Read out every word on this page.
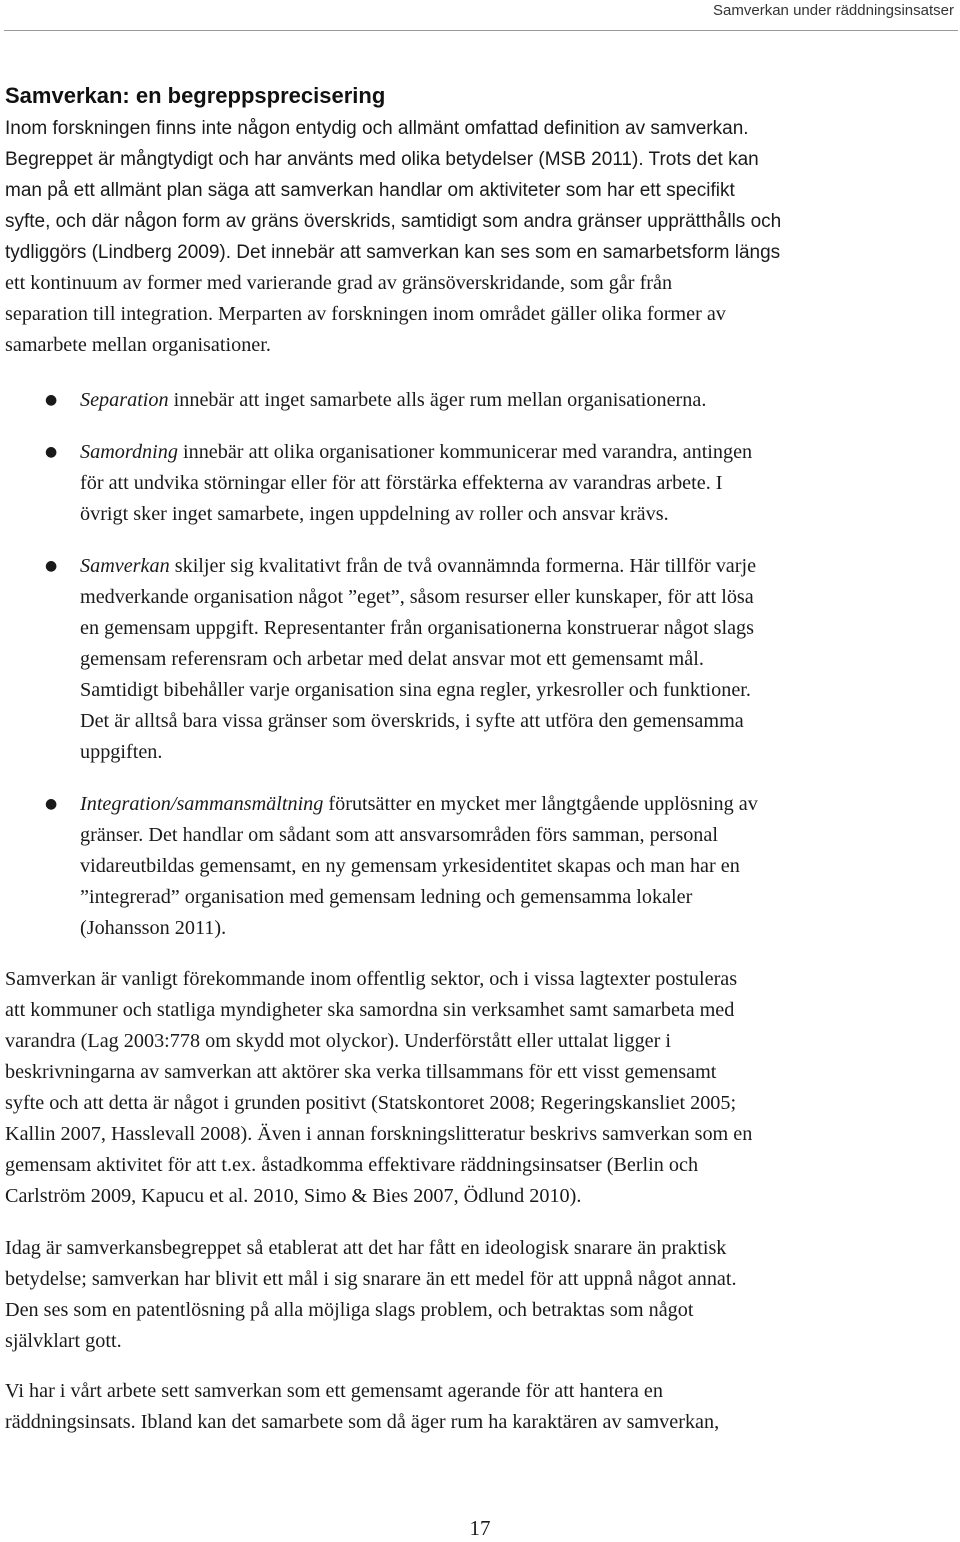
Samverkan under räddningsinsatser
Samverkan: en begreppsprecisering
Inom forskningen finns inte någon entydig och allmänt omfattad definition av samverkan.
Begreppet är mångtydigt och har använts med olika betydelser (MSB 2011). Trots det kan
man på ett allmänt plan säga att samverkan handlar om aktiviteter som har ett specifikt
syfte, och där någon form av gräns överskrids, samtidigt som andra gränser upprätthålls och
tydliggörs (Lindberg 2009). Det innebär att samverkan kan ses som en samarbetsform längs
ett kontinuum av former med varierande grad av gränsöverskridande, som går från
separation till integration. Merparten av forskningen inom området gäller olika former av
samarbete mellan organisationer.
● Separation innebär att inget samarbete alls äger rum mellan organisationerna.
● Samordning innebär att olika organisationer kommunicerar med varandra, antingen
för att undvika störningar eller för att förstärka effekterna av varandras arbete. I
övrigt sker inget samarbete, ingen uppdelning av roller och ansvar krävs.
● Samverkan skiljer sig kvalitativt från de två ovannämnda formerna. Här tillför varje
medverkande organisation något ”eget”, såsom resurser eller kunskaper, för att lösa
en gemensam uppgift. Representanter från organisationerna konstruerar något slags
gemensam referensram och arbetar med delat ansvar mot ett gemensamt mål.
Samtidigt bibehåller varje organisation sina egna regler, yrkesroller och funktioner.
Det är alltså bara vissa gränser som överskrids, i syfte att utföra den gemensamma
uppgiften.
● Integration/sammansmältning förutsätter en mycket mer långtgående upplösning av
gränser. Det handlar om sådant som att ansvarsområden förs samman, personal
vidareutbildas gemensamt, en ny gemensam yrkesidentitet skapas och man har en
”integrerad” organisation med gemensam ledning och gemensamma lokaler
(Johansson 2011).
Samverkan är vanligt förekommande inom offentlig sektor, och i vissa lagtexter postuleras
att kommuner och statliga myndigheter ska samordna sin verksamhet samt samarbeta med
varandra (Lag 2003:778 om skydd mot olyckor). Underförstått eller uttalat ligger i
beskrivningarna av samverkan att aktörer ska verka tillsammans för ett visst gemensamt
syfte och att detta är något i grunden positivt (Statskontoret 2008; Regeringskansliet 2005;
Kallin 2007, Hasslevall 2008). Även i annan forskningslitteratur beskrivs samverkan som en
gemensam aktivitet för att t.ex. åstadkomma effektivare räddningsinsatser (Berlin och
Carlström 2009, Kapucu et al. 2010, Simo & Bies 2007, Ödlund 2010).
Idag är samverkansbegreppet så etablerat att det har fått en ideologisk snarare än praktisk
betydelse; samverkan har blivit ett mål i sig snarare än ett medel för att uppnå något annat.
Den ses som en patentlösning på alla möjliga slags problem, och betraktas som något
självklart gott.
Vi har i vårt arbete sett samverkan som ett gemensamt agerande för att hantera en
räddningsinsats. Ibland kan det samarbete som då äger rum ha karaktären av samverkan,
17
